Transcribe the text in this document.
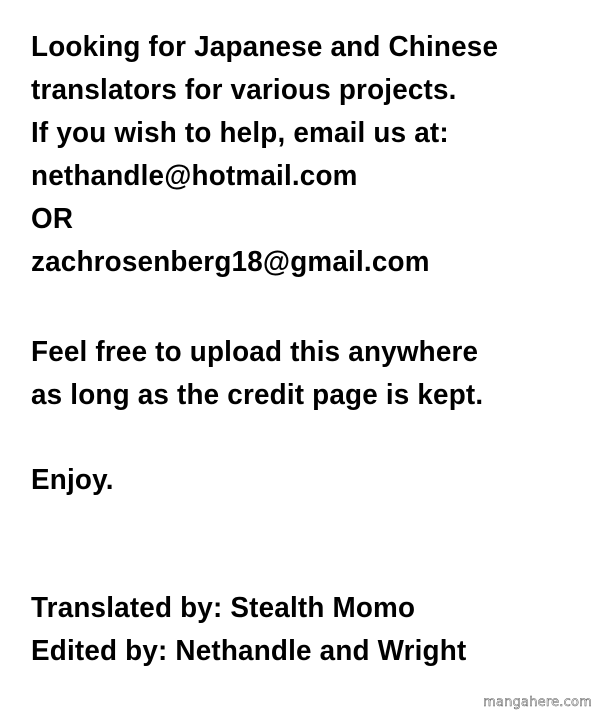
Looking for Japanese and Chinese

translators for various projects.

If you wish to help, email us at:

nethandle@hotmail.com

OR

zachrosenberg18@gmail.com

Feel free to upload this anywhere

as long as the credit page is kept.

Enjoy.

Translated by: Stealth Momo

Edited by: Nethandle and Wright

mangahere.com
